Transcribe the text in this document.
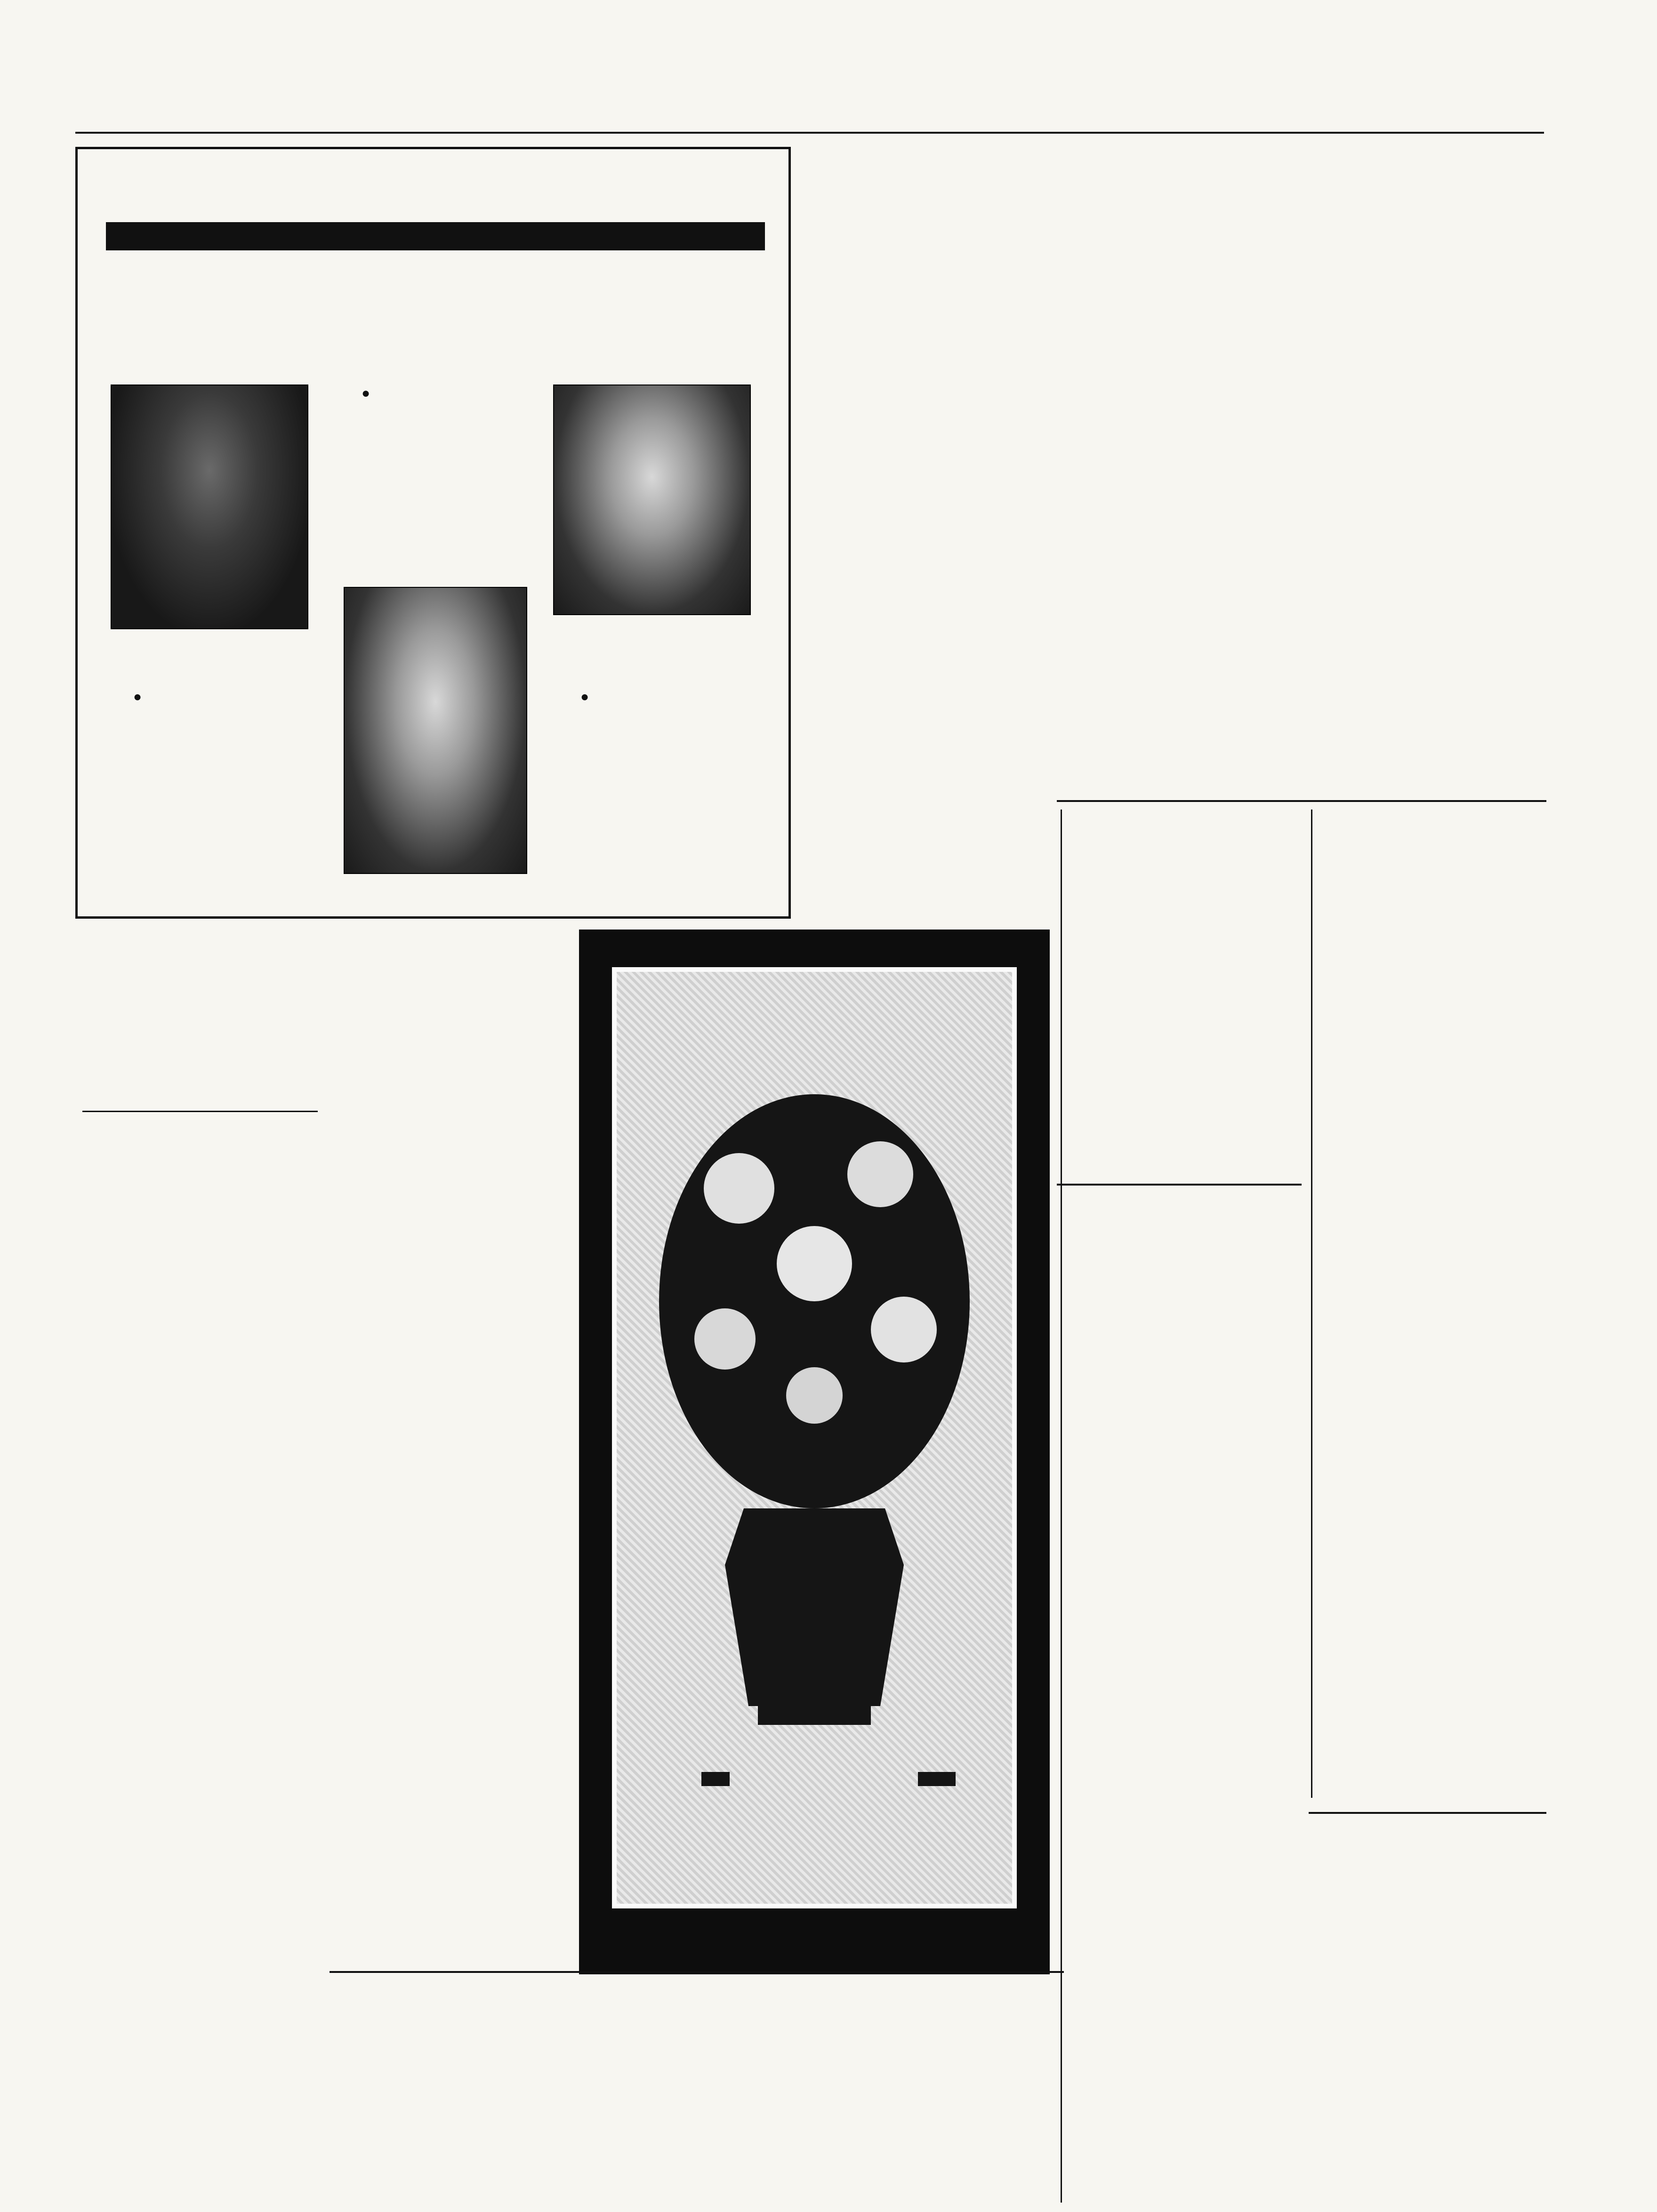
●

●

●
